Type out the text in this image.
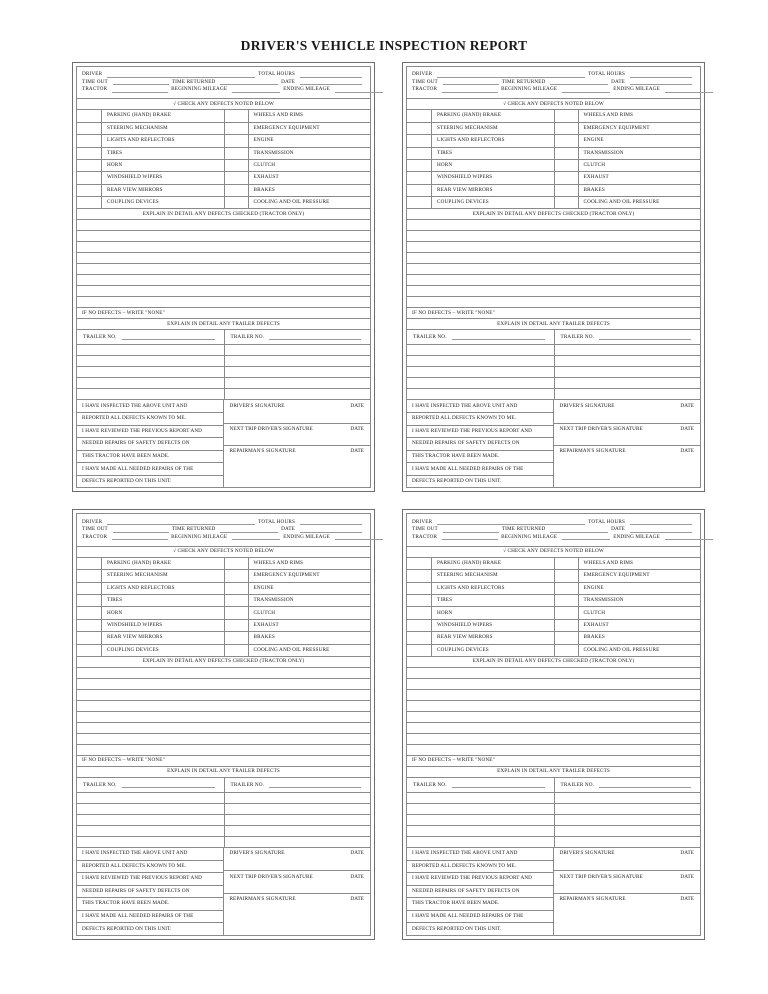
DRIVER'S VEHICLE INSPECTION REPORT
DRIVER	TOTAL HOURS
TIME OUT	TIME RETURNED	DATE
TRACTOR	BEGINNING MILEAGE	ENDING MILEAGE
√ CHECK ANY DEFECTS NOTED BELOW
PARKING (HAND) BRAKE	WHEELS AND RIMS
STEERING MECHANISM	EMERGENCY EQUIPMENT
LIGHTS AND REFLECTORS	ENGINE
TIRES	TRANSMISSION
HORN	CLUTCH
WINDSHIELD WIPERS	EXHAUST
REAR VIEW MIRRORS	BRAKES
COUPLING DEVICES	COOLING AND OIL PRESSURE
EXPLAIN IN DETAIL ANY DEFECTS CHECKED (TRACTOR ONLY)
IF NO DEFECTS – WRITE "NONE"
EXPLAIN IN DETAIL ANY TRAILER DEFECTS
TRAILER NO.	TRAILER NO.
I HAVE INSPECTED THE ABOVE UNIT AND
REPORTED ALL DEFECTS KNOWN TO ME.
I HAVE REVIEWED THE PREVIOUS REPORT AND
NEEDED REPAIRS OF SAFETY DEFECTS ON
THIS TRACTOR HAVE BEEN MADE.
I HAVE MADE ALL NEEDED REPAIRS OF THE
DEFECTS REPORTED ON THIS UNIT.
DRIVER'S SIGNATURE	DATE
NEXT TRIP DRIVER'S SIGNATURE	DATE
REPAIRMAN'S SIGNATURE	DATE
DRIVER	TOTAL HOURS
TIME OUT	TIME RETURNED	DATE
TRACTOR	BEGINNING MILEAGE	ENDING MILEAGE
√ CHECK ANY DEFECTS NOTED BELOW
PARKING (HAND) BRAKE	WHEELS AND RIMS
STEERING MECHANISM	EMERGENCY EQUIPMENT
LIGHTS AND REFLECTORS	ENGINE
TIRES	TRANSMISSION
HORN	CLUTCH
WINDSHIELD WIPERS	EXHAUST
REAR VIEW MIRRORS	BRAKES
COUPLING DEVICES	COOLING AND OIL PRESSURE
EXPLAIN IN DETAIL ANY DEFECTS CHECKED (TRACTOR ONLY)
IF NO DEFECTS – WRITE "NONE"
EXPLAIN IN DETAIL ANY TRAILER DEFECTS
TRAILER NO.	TRAILER NO.
I HAVE INSPECTED THE ABOVE UNIT AND
REPORTED ALL DEFECTS KNOWN TO ME.
I HAVE REVIEWED THE PREVIOUS REPORT AND
NEEDED REPAIRS OF SAFETY DEFECTS ON
THIS TRACTOR HAVE BEEN MADE.
I HAVE MADE ALL NEEDED REPAIRS OF THE
DEFECTS REPORTED ON THIS UNIT.
DRIVER'S SIGNATURE	DATE
NEXT TRIP DRIVER'S SIGNATURE	DATE
REPAIRMAN'S SIGNATURE	DATE
DRIVER	TOTAL HOURS
TIME OUT	TIME RETURNED	DATE
TRACTOR	BEGINNING MILEAGE	ENDING MILEAGE
√ CHECK ANY DEFECTS NOTED BELOW
PARKING (HAND) BRAKE	WHEELS AND RIMS
STEERING MECHANISM	EMERGENCY EQUIPMENT
LIGHTS AND REFLECTORS	ENGINE
TIRES	TRANSMISSION
HORN	CLUTCH
WINDSHIELD WIPERS	EXHAUST
REAR VIEW MIRRORS	BRAKES
COUPLING DEVICES	COOLING AND OIL PRESSURE
EXPLAIN IN DETAIL ANY DEFECTS CHECKED (TRACTOR ONLY)
IF NO DEFECTS – WRITE "NONE"
EXPLAIN IN DETAIL ANY TRAILER DEFECTS
TRAILER NO.	TRAILER NO.
I HAVE INSPECTED THE ABOVE UNIT AND
REPORTED ALL DEFECTS KNOWN TO ME.
I HAVE REVIEWED THE PREVIOUS REPORT AND
NEEDED REPAIRS OF SAFETY DEFECTS ON
THIS TRACTOR HAVE BEEN MADE.
I HAVE MADE ALL NEEDED REPAIRS OF THE
DEFECTS REPORTED ON THIS UNIT.
DRIVER'S SIGNATURE	DATE
NEXT TRIP DRIVER'S SIGNATURE	DATE
REPAIRMAN'S SIGNATURE	DATE
DRIVER	TOTAL HOURS
TIME OUT	TIME RETURNED	DATE
TRACTOR	BEGINNING MILEAGE	ENDING MILEAGE
√ CHECK ANY DEFECTS NOTED BELOW
PARKING (HAND) BRAKE	WHEELS AND RIMS
STEERING MECHANISM	EMERGENCY EQUIPMENT
LIGHTS AND REFLECTORS	ENGINE
TIRES	TRANSMISSION
HORN	CLUTCH
WINDSHIELD WIPERS	EXHAUST
REAR VIEW MIRRORS	BRAKES
COUPLING DEVICES	COOLING AND OIL PRESSURE
EXPLAIN IN DETAIL ANY DEFECTS CHECKED (TRACTOR ONLY)
IF NO DEFECTS – WRITE "NONE"
EXPLAIN IN DETAIL ANY TRAILER DEFECTS
TRAILER NO.	TRAILER NO.
I HAVE INSPECTED THE ABOVE UNIT AND
REPORTED ALL DEFECTS KNOWN TO ME.
I HAVE REVIEWED THE PREVIOUS REPORT AND
NEEDED REPAIRS OF SAFETY DEFECTS ON
THIS TRACTOR HAVE BEEN MADE.
I HAVE MADE ALL NEEDED REPAIRS OF THE
DEFECTS REPORTED ON THIS UNIT.
DRIVER'S SIGNATURE	DATE
NEXT TRIP DRIVER'S SIGNATURE	DATE
REPAIRMAN'S SIGNATURE	DATE
